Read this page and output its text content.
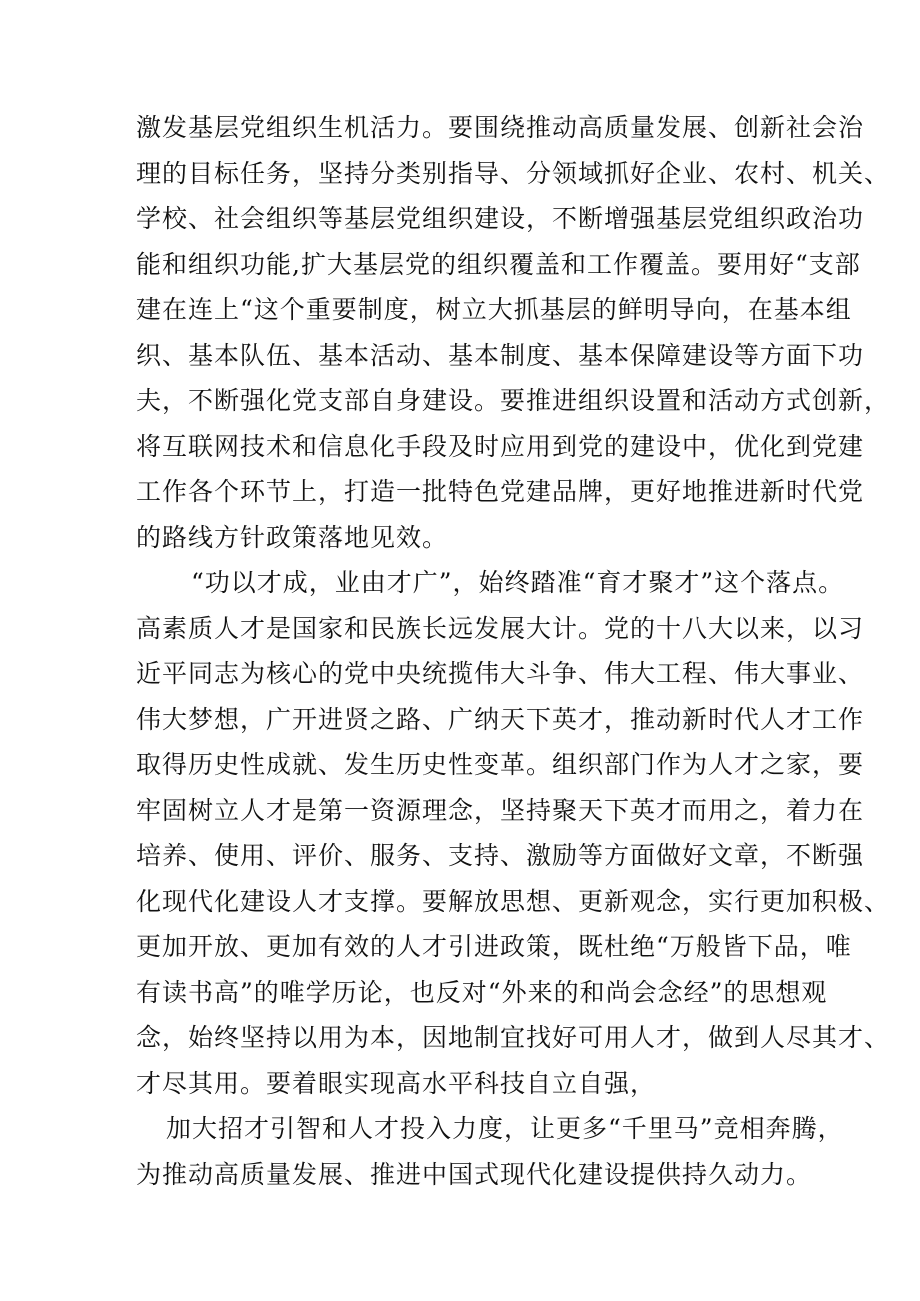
激发基层党组织生机活力。要围绕推动高质量发展、创新社会治

理的目标任务，坚持分类别指导、分领域抓好企业、农村、机关、

学校、社会组织等基层党组织建设，不断增强基层党组织政治功

能和组织功能,扩大基层党的组织覆盖和工作覆盖。要用好“支部

建在连上“这个重要制度，树立大抓基层的鲜明导向，在基本组

织、基本队伍、基本活动、基本制度、基本保障建设等方面下功

夫，不断强化党支部自身建设。要推进组织设置和活动方式创新，

将互联网技术和信息化手段及时应用到党的建设中，优化到党建

工作各个环节上，打造一批特色党建品牌，更好地推进新时代党

的路线方针政策落地见效。

“功以才成，业由才广”，始终踏准“育才聚才”这个落点。

高素质人才是国家和民族长远发展大计。党的十八大以来，以习

近平同志为核心的党中央统揽伟大斗争、伟大工程、伟大事业、

伟大梦想，广开进贤之路、广纳天下英才，推动新时代人才工作

取得历史性成就、发生历史性变革。组织部门作为人才之家，要

牢固树立人才是第一资源理念，坚持聚天下英才而用之，着力在

培养、使用、评价、服务、支持、激励等方面做好文章，不断强

化现代化建设人才支撑。要解放思想、更新观念，实行更加积极、

更加开放、更加有效的人才引进政策，既杜绝“万般皆下品，唯

有读书高”的唯学历论，也反对“外来的和尚会念经”的思想观

念，始终坚持以用为本，因地制宜找好可用人才，做到人尽其才、

才尽其用。要着眼实现高水平科技自立自强，

加大招才引智和人才投入力度，让更多“千里马”竞相奔腾，

为推动高质量发展、推进中国式现代化建设提供持久动力。
